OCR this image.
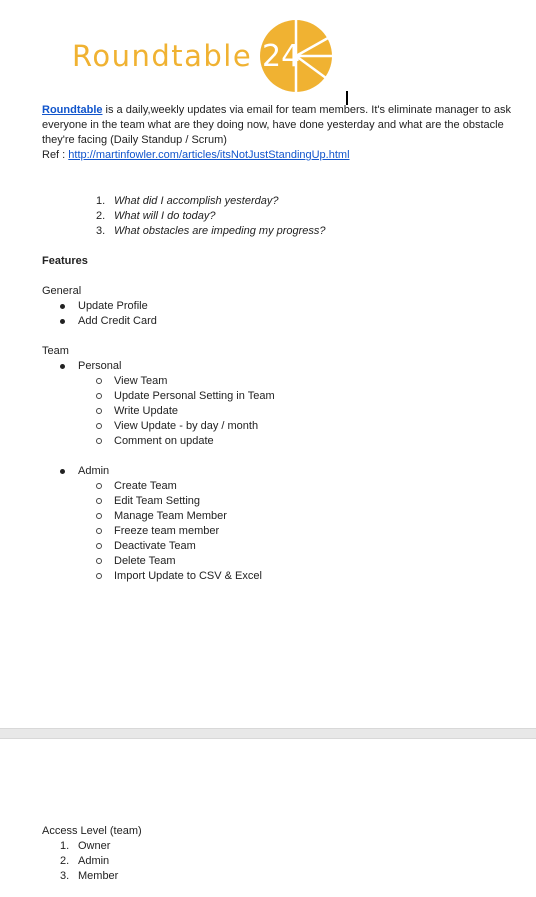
Roundtable 24
Roundtable is a daily,weekly updates via email for team members. It's eliminate manager to ask everyone in the team what are they doing now, have done yesterday and what are the obstacle they're facing (Daily Standup / Scrum)
Ref : http://martinfowler.com/articles/itsNotJustStandingUp.html
1. What did I accomplish yesterday?
2. What will I do today?
3. What obstacles are impeding my progress?
Features
General
Update Profile
Add Credit Card
Team
Personal
View Team
Update Personal Setting in Team
Write Update
View Update - by day / month
Comment on update
Admin
Create Team
Edit Team Setting
Manage Team Member
Freeze team member
Deactivate Team
Delete Team
Import Update to CSV & Excel
Access Level (team)
1. Owner
2. Admin
3. Member
